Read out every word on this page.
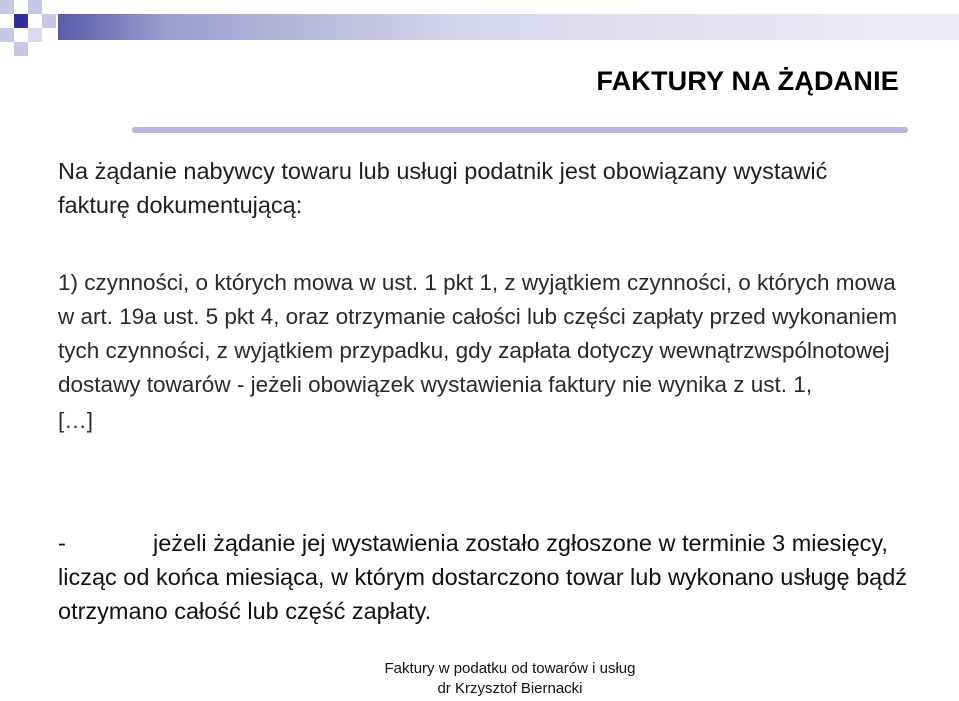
FAKTURY NA ŻĄDANIE

Na żądanie nabywcy towaru lub usługi podatnik jest obowiązany wystawić fakturę dokumentującą:

1) czynności, o których mowa w ust. 1 pkt 1, z wyjątkiem czynności, o których mowa w art. 19a ust. 5 pkt 4, oraz otrzymanie całości lub części zapłaty przed wykonaniem tych czynności, z wyjątkiem przypadku, gdy zapłata dotyczy wewnątrzwspólnotowej dostawy towarów - jeżeli obowiązek wystawienia faktury nie wynika z ust. 1,
[…]

-	jeżeli żądanie jej wystawienia zostało zgłoszone w terminie 3 miesięcy, licząc od końca miesiąca, w którym dostarczono towar lub wykonano usługę bądź otrzymano całość lub część zapłaty.

Faktury w podatku od towarów i usług
dr Krzysztof Biernacki
